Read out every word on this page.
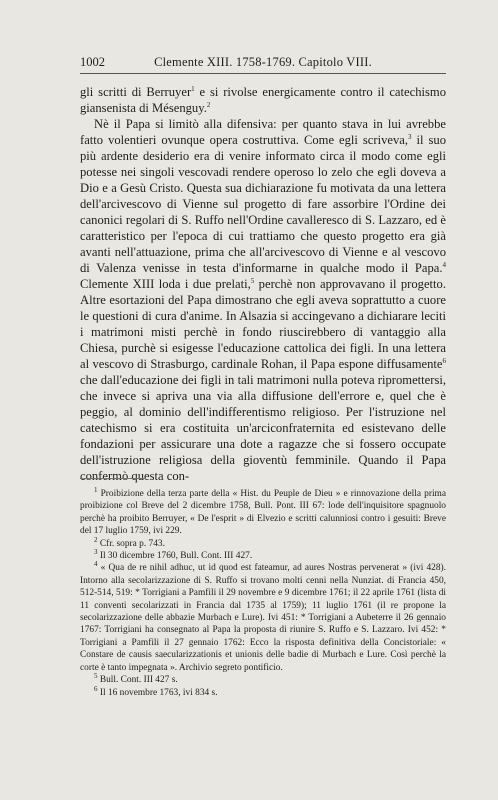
1002	Clemente XIII. 1758-1769. Capitolo VIII.

gli scritti di Berruyer$^1$ e si rivolse energicamente contro il catechismo giansenista di Mésenguy.$^2$

Nè il Papa si limitò alla difensiva: per quanto stava in lui avrebbe fatto volentieri ovunque opera costruttiva. Come egli scriveva,$^3$ il suo più ardente desiderio era di venire informato circa il modo come egli potesse nei singoli vescovadi rendere operoso lo zelo che egli doveva a Dio e a Gesù Cristo. Questa sua dichiarazione fu motivata da una lettera dell'arcivescovo di Vienne sul progetto di fare assorbire l'Ordine dei canonici regolari di S. Ruffo nell'Ordine cavalleresco di S. Lazzaro, ed è caratteristico per l'epoca di cui trattiamo che questo progetto era già avanti nell'attuazione, prima che all'arcivescovo di Vienne e al vescovo di Valenza venisse in testa d'informarne in qualche modo il Papa.$^4$ Clemente XIII loda i due prelati,$^5$ perchè non approvavano il progetto. Altre esortazioni del Papa dimostrano che egli aveva soprattutto a cuore le questioni di cura d'anime. In Alsazia si accingevano a dichiarare leciti i matrimoni misti perchè in fondo riuscirebbero di vantaggio alla Chiesa, purchè si esigesse l'educazione cattolica dei figli. In una lettera al vescovo di Strasburgo, cardinale Rohan, il Papa espone diffusamente$^6$ che dall'educazione dei figli in tali matrimoni nulla poteva ripromettersi, che invece si apriva una via alla diffusione dell'errore e, quel che è peggio, al dominio dell'indifferentismo religioso. Per l'istruzione nel catechismo si era costituita un'arciconfraternita ed esistevano delle fondazioni per assicurare una dote a ragazze che si fossero occupate dell'istruzione religiosa della gioventù femminile. Quando il Papa confermò questa con-

$^1$ Proibizione della terza parte della « Hist. du Peuple de Dieu » e rinnovazione della prima proibizione col Breve del 2 dicembre 1758, Bull. Pont. III 67: lode dell'inquisitore spagnuolo perchè ha proibito Berruyer, « De l'esprit » di Elvezio e scritti calunniosi contro i gesuiti: Breve del 17 luglio 1759, ivi 229.

$^2$ Cfr. sopra p. 743.

$^3$ Il 30 dicembre 1760, Bull. Cont. III 427.

$^4$ « Qua de re nihil adhuc, ut id quod est fateamur, ad aures Nostras pervenerat » (ivi 428). Intorno alla secolarizzazione di S. Ruffo si trovano molti cenni nella Nunziat. di Francia 450, 512-514, 519: * Torrigiani a Pamfili il 29 novembre e 9 dicembre 1761; il 22 aprile 1761 (lista di 11 conventi secolarizzati in Francia dal 1735 al 1759); 11 luglio 1761 (il re propone la secolarizzazione delle abbazie Murbach e Lure). Ivi 451: * Torrigiani a Aubeterre il 26 gennaio 1767: Torrigiani ha consegnato al Papa la proposta di riunire S. Ruffo e S. Lazzaro. Ivi 452: * Torrigiani a Pamfili il 27 gennaio 1762: Ecco la risposta definitiva della Concistoriale: « Constare de causis saecularizzationis et unionis delle badie di Murbach e Lure. Così perchè la corte è tanto impegnata ». Archivio segreto pontificio.

$^5$ Bull. Cont. III 427 s.

$^6$ Il 16 novembre 1763, ivi 834 s.
